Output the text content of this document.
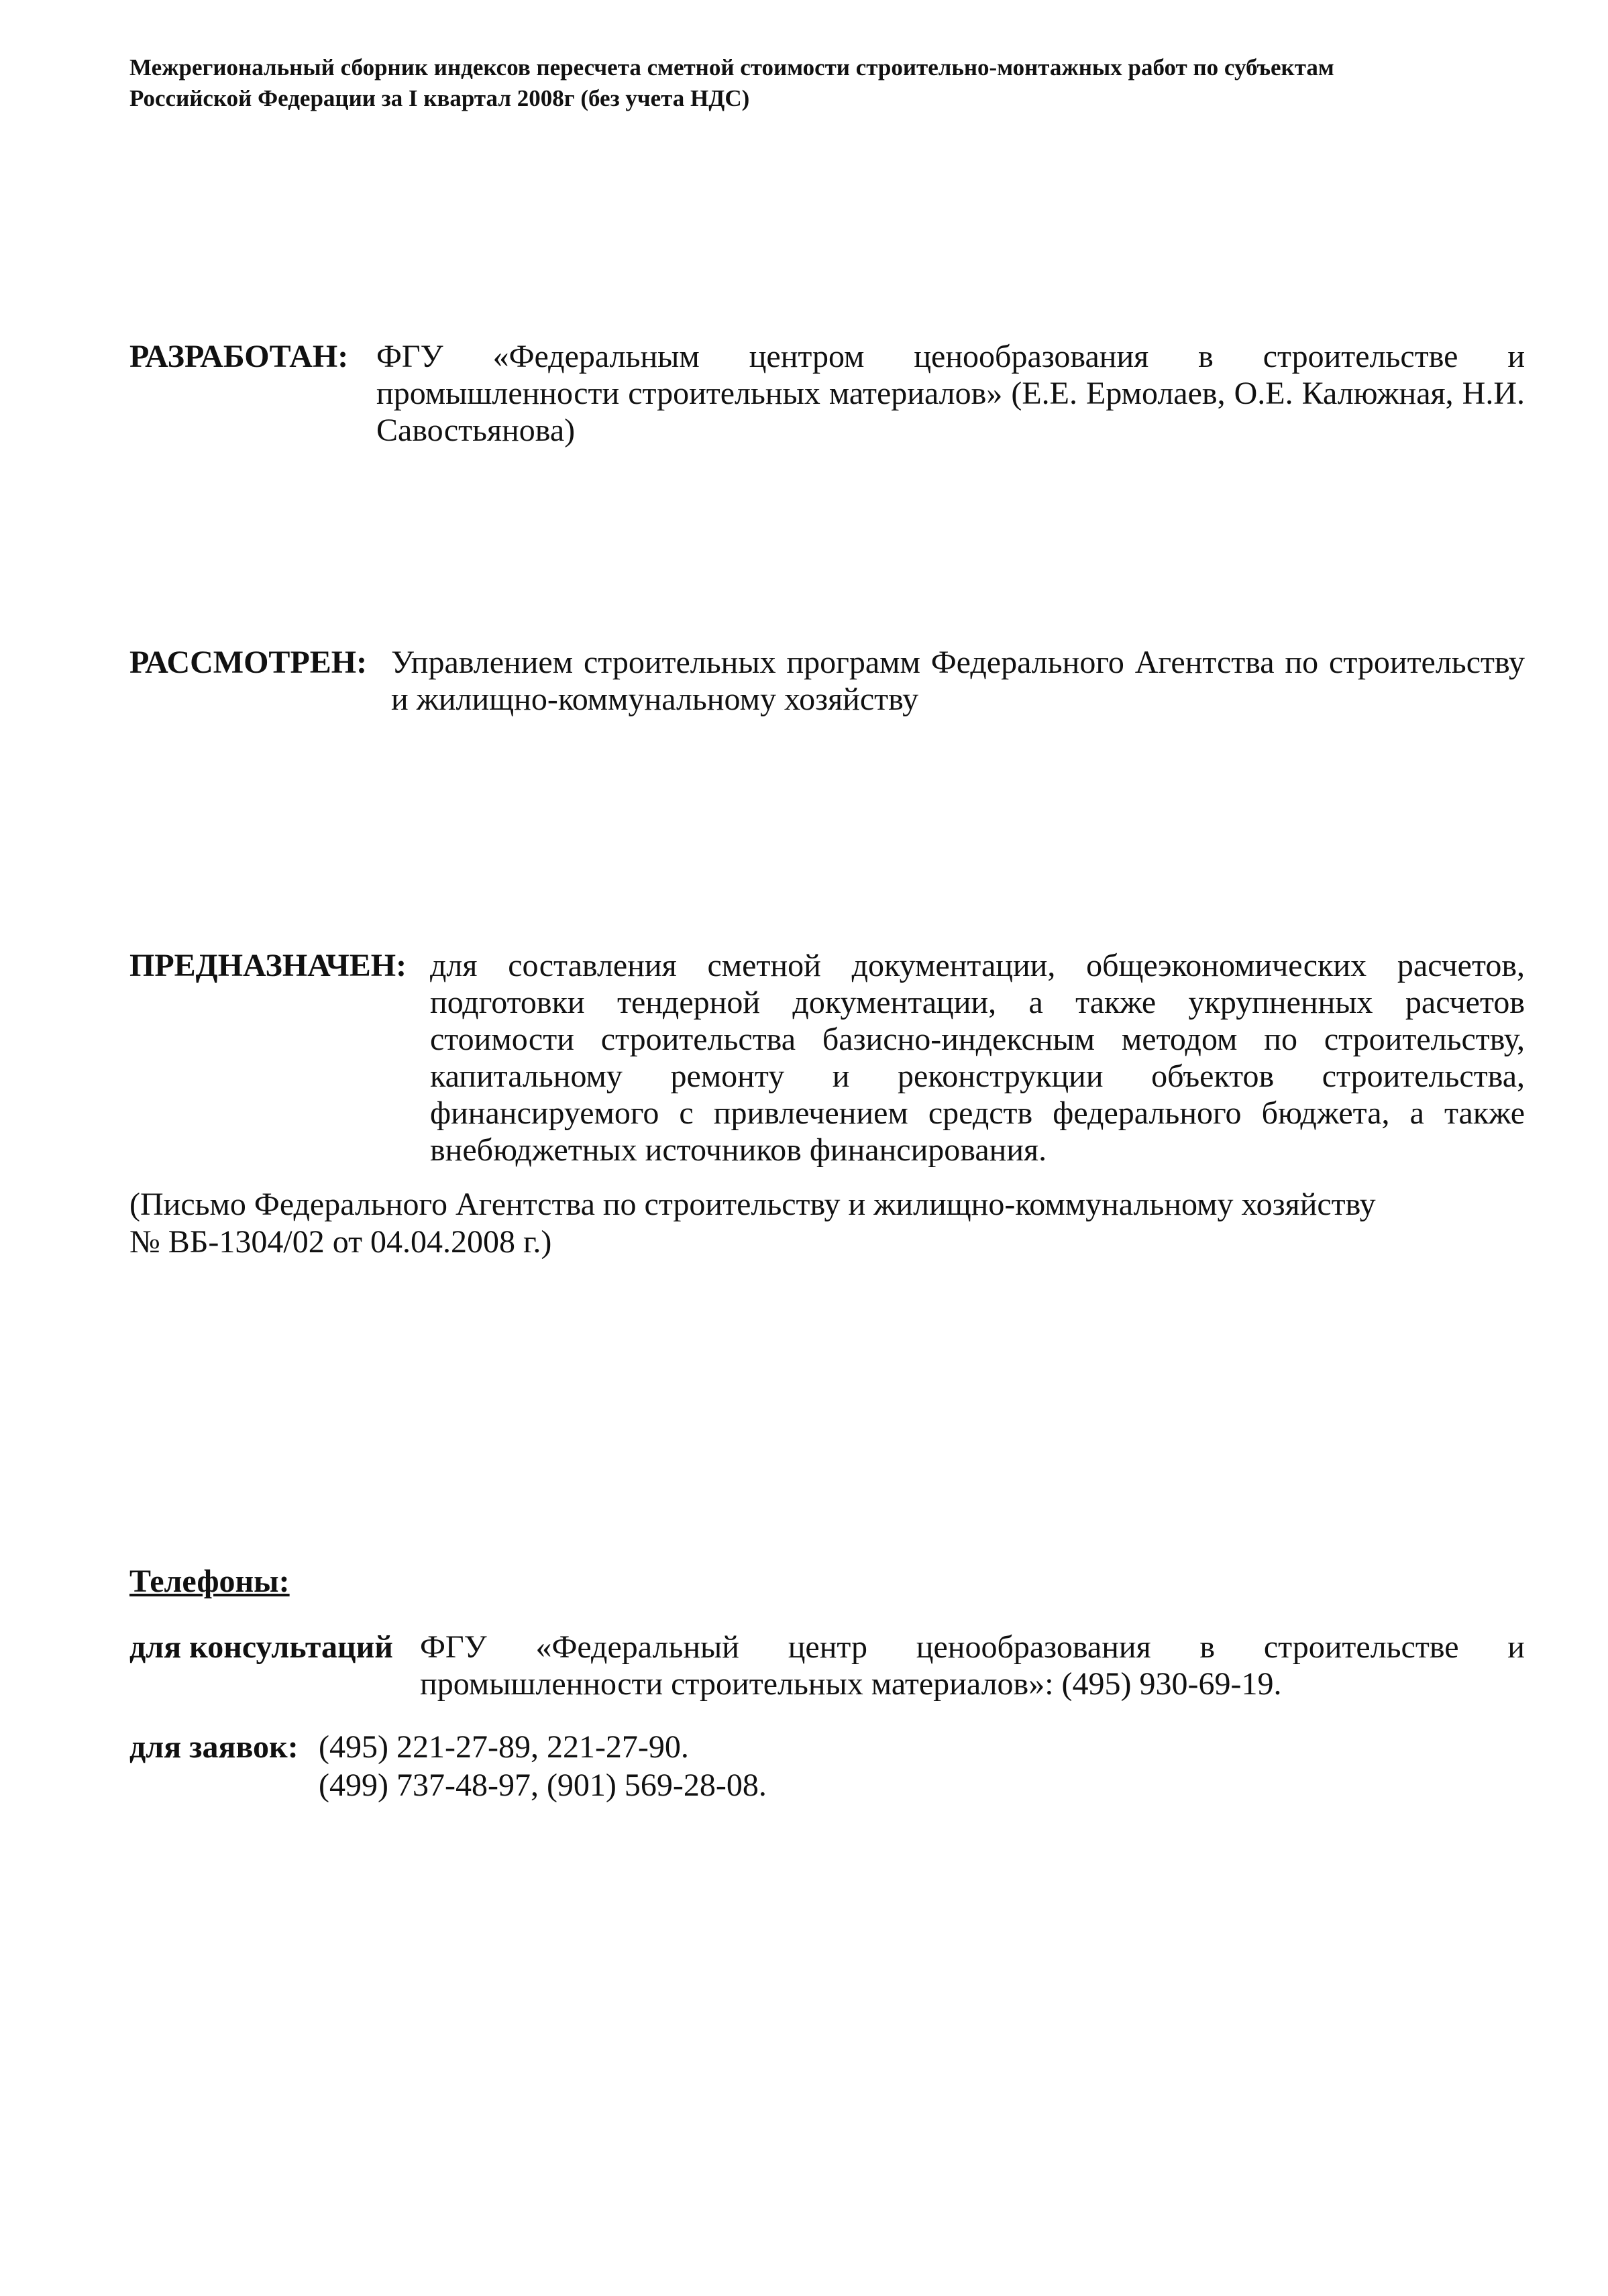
Межрегиональный сборник индексов пересчета сметной стоимости строительно-монтажных работ по субъектам
Российской Федерации за I квартал 2008г (без учета НДС)
РАЗРАБОТАН: ФГУ «Федеральным центром ценообразования в строительстве и промышленности строительных материалов» (Е.Е. Ермолаев, О.Е. Калюжная, Н.И. Савостьянова)
РАССМОТРЕН: Управлением строительных программ Федерального Агентства по строительству и жилищно-коммунальному хозяйству
ПРЕДНАЗНАЧЕН: для составления сметной документации, общеэкономических расчетов, подготовки тендерной документации, а также укрупненных расчетов стоимости строительства базисно-индексным методом по строительству, капитальному ремонту и реконструкции объектов строительства, финансируемого с привлечением средств федерального бюджета, а также внебюджетных источников финансирования.
(Письмо Федерального Агентства по строительству и жилищно-коммунальному хозяйству
№ ВБ-1304/02 от 04.04.2008 г.)
Телефоны:
для консультаций ФГУ «Федеральный центр ценообразования в строительстве и промышленности строительных материалов»: (495) 930-69-19.
для заявок: (495) 221-27-89, 221-27-90.
(499) 737-48-97, (901) 569-28-08.
